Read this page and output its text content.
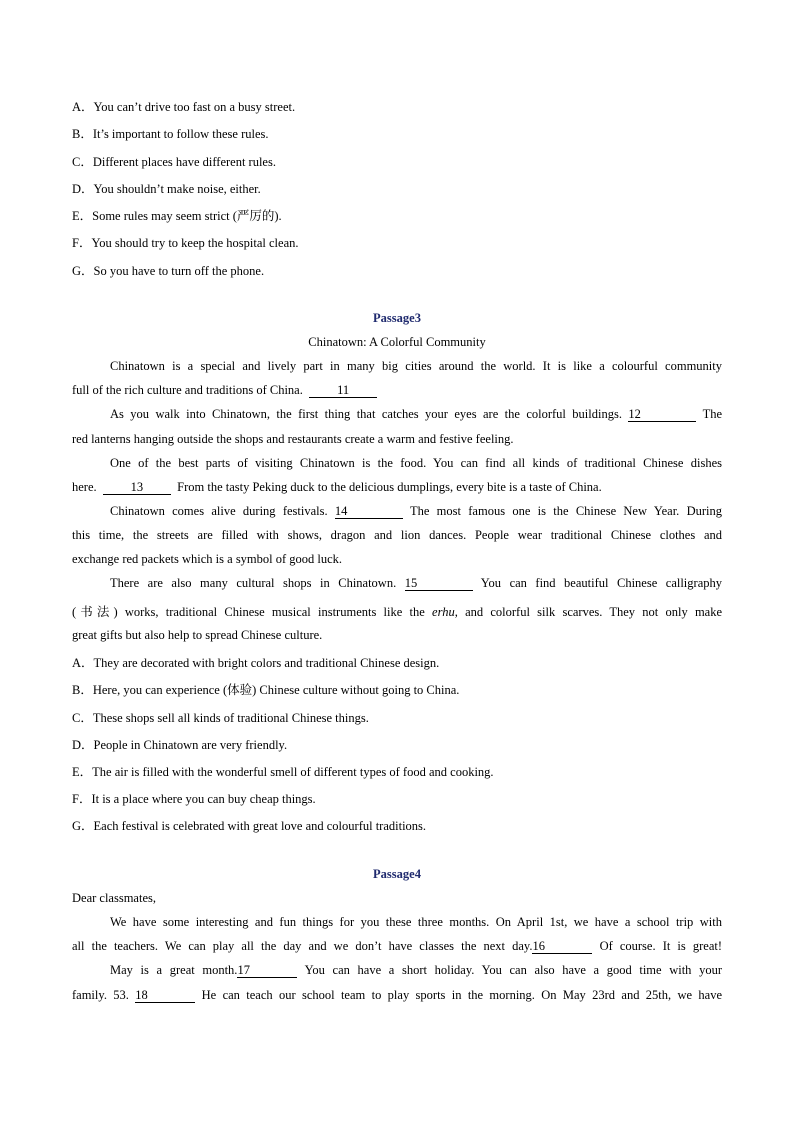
A．You can’t drive too fast on a busy street.
B．It’s important to follow these rules.
C．Different places have different rules.
D．You shouldn’t make noise, either.
E．Some rules may seem strict (严厉的).
F．You should try to keep the hospital clean.
G．So you have to turn off the phone.
Passage3
Chinatown: A Colorful Community
Chinatown is a special and lively part in many big cities around the world. It is like a colourful community
full of the rich culture and traditions of China.	11
As you walk into Chinatown, the first thing that catches your eyes are the colorful buildings. 12	The
red lanterns hanging outside the shops and restaurants create a warm and festive feeling.
One of the best parts of visiting Chinatown is the food. You can find all kinds of traditional Chinese dishes
here.	13	From the tasty Peking duck to the delicious dumplings, every bite is a taste of China.
Chinatown comes alive during festivals. 14	The most famous one is the Chinese New Year. During
this time, the streets are filled with shows, dragon and lion dances. People wear traditional Chinese clothes and
exchange red packets which is a symbol of good luck.
There are also many cultural shops in Chinatown. 15	You can find beautiful Chinese calligraphy
(书法) works, traditional Chinese musical instruments like the erhu, and colorful silk scarves. They not only make
great gifts but also help to spread Chinese culture.
A．They are decorated with bright colors and traditional Chinese design.
B．Here, you can experience (体验) Chinese culture without going to China.
C．These shops sell all kinds of traditional Chinese things.
D．People in Chinatown are very friendly.
E．The air is filled with the wonderful smell of different types of food and cooking.
F．It is a place where you can buy cheap things.
G．Each festival is celebrated with great love and colourful traditions.
Passage4
Dear classmates,
We have some interesting and fun things for you these three months. On April 1st, we have a school trip with
all the teachers. We can play all the day and we don’t have classes the next day.16	Of course. It is great!
May is a great month.17	You can have a short holiday. You can also have a good time with your
family. 53. 18	He can teach our school team to play sports in the morning. On May 23rd and 25th, we have
